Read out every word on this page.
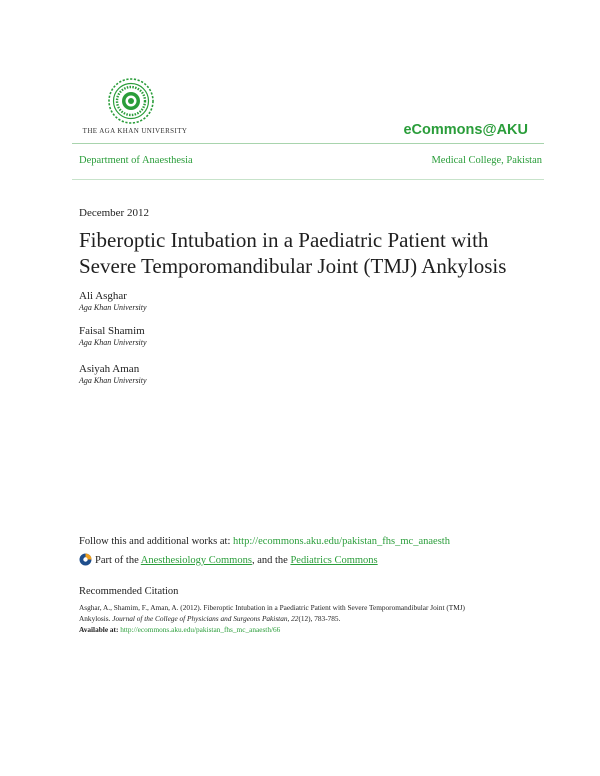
THE AGA KHAN UNIVERSITY	eCommons@AKU
Department of Anaesthesia	Medical College, Pakistan
December 2012
Fiberoptic Intubation in a Paediatric Patient with Severe Temporomandibular Joint (TMJ) Ankylosis
Ali Asghar
Aga Khan University
Faisal Shamim
Aga Khan University
Asiyah Aman
Aga Khan University
Follow this and additional works at: http://ecommons.aku.edu/pakistan_fhs_mc_anaesth
Part of the Anesthesiology Commons, and the Pediatrics Commons
Recommended Citation
Asghar, A., Shamim, F., Aman, A. (2012). Fiberoptic Intubation in a Paediatric Patient with Severe Temporomandibular Joint (TMJ)
Ankylosis. Journal of the College of Physicians and Surgeons Pakistan, 22(12), 783-785.
Available at: http://ecommons.aku.edu/pakistan_fhs_mc_anaesth/66
